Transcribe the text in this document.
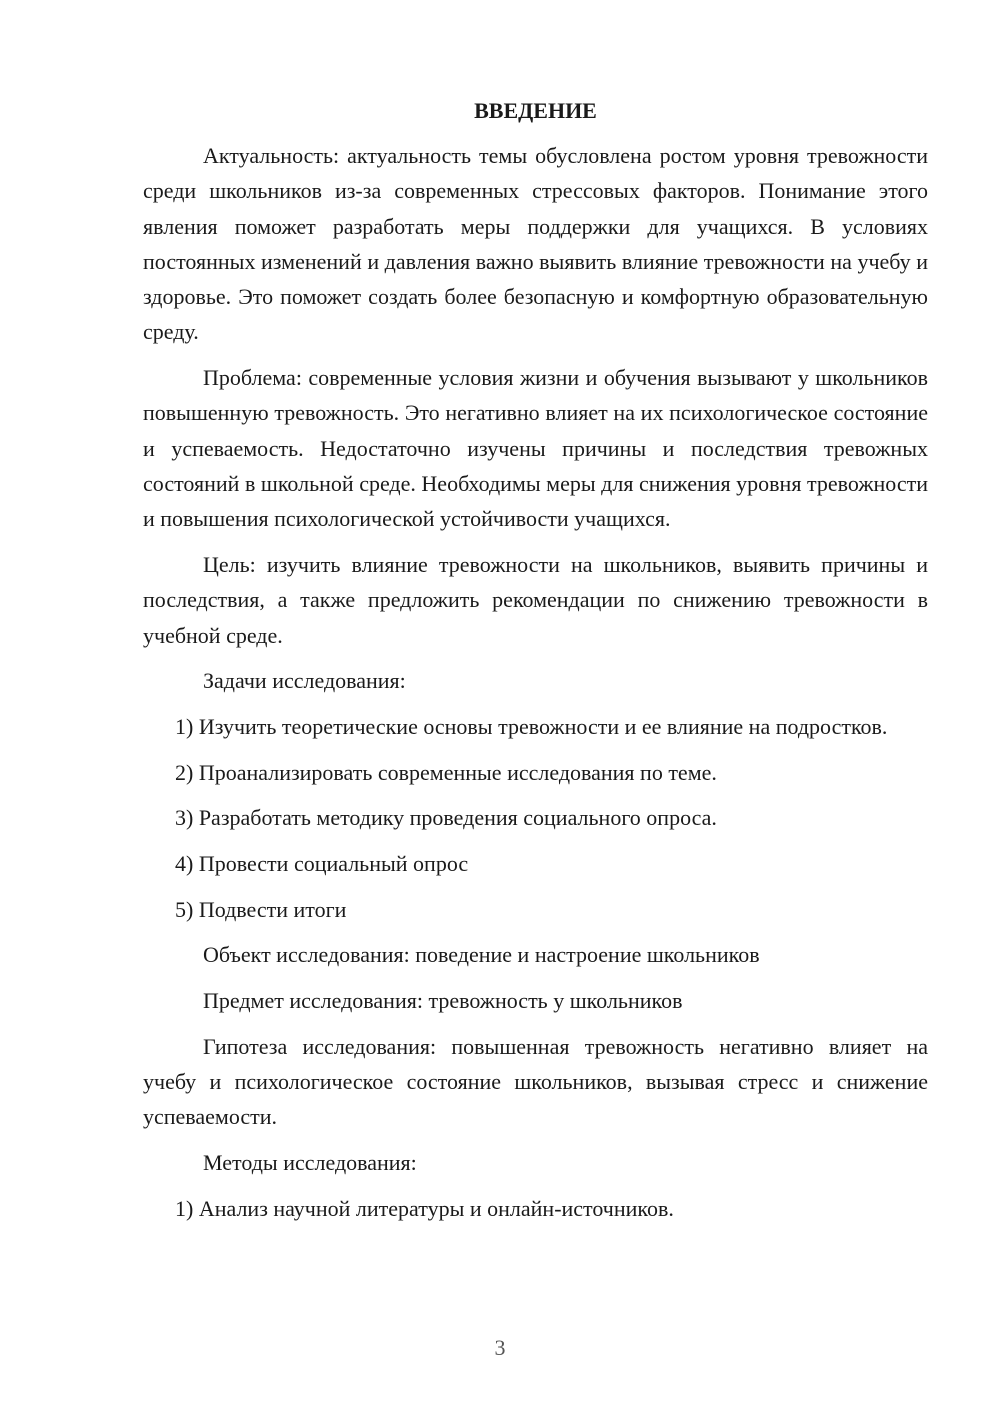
ВВЕДЕНИЕ

Актуальность: актуальность темы обусловлена ростом уровня тревожности среди школьников из-за современных стрессовых факторов. Понимание этого явления поможет разработать меры поддержки для учащихся. В условиях постоянных изменений и давления важно выявить влияние тревожности на учебу и здоровье. Это поможет создать более безопасную и комфортную образовательную среду.

Проблема: современные условия жизни и обучения вызывают у школьников повышенную тревожность. Это негативно влияет на их психологическое состояние и успеваемость. Недостаточно изучены причины и последствия тревожных состояний в школьной среде. Необходимы меры для снижения уровня тревожности и повышения психологической устойчивости учащихся.

Цель: изучить влияние тревожности на школьников, выявить причины и последствия, а также предложить рекомендации по снижению тревожности в учебной среде.

Задачи исследования:

1) Изучить теоретические основы тревожности и ее влияние на подростков.

2) Проанализировать современные исследования по теме.

3) Разработать методику проведения социального опроса.

4) Провести социальный опрос

5) Подвести итоги

Объект исследования: поведение и настроение школьников

Предмет исследования: тревожность у школьников

Гипотеза исследования: повышенная тревожность негативно влияет на учебу и психологическое состояние школьников, вызывая стресс и снижение успеваемости.

Методы исследования:

1) Анализ научной литературы и онлайн-источников.

3
